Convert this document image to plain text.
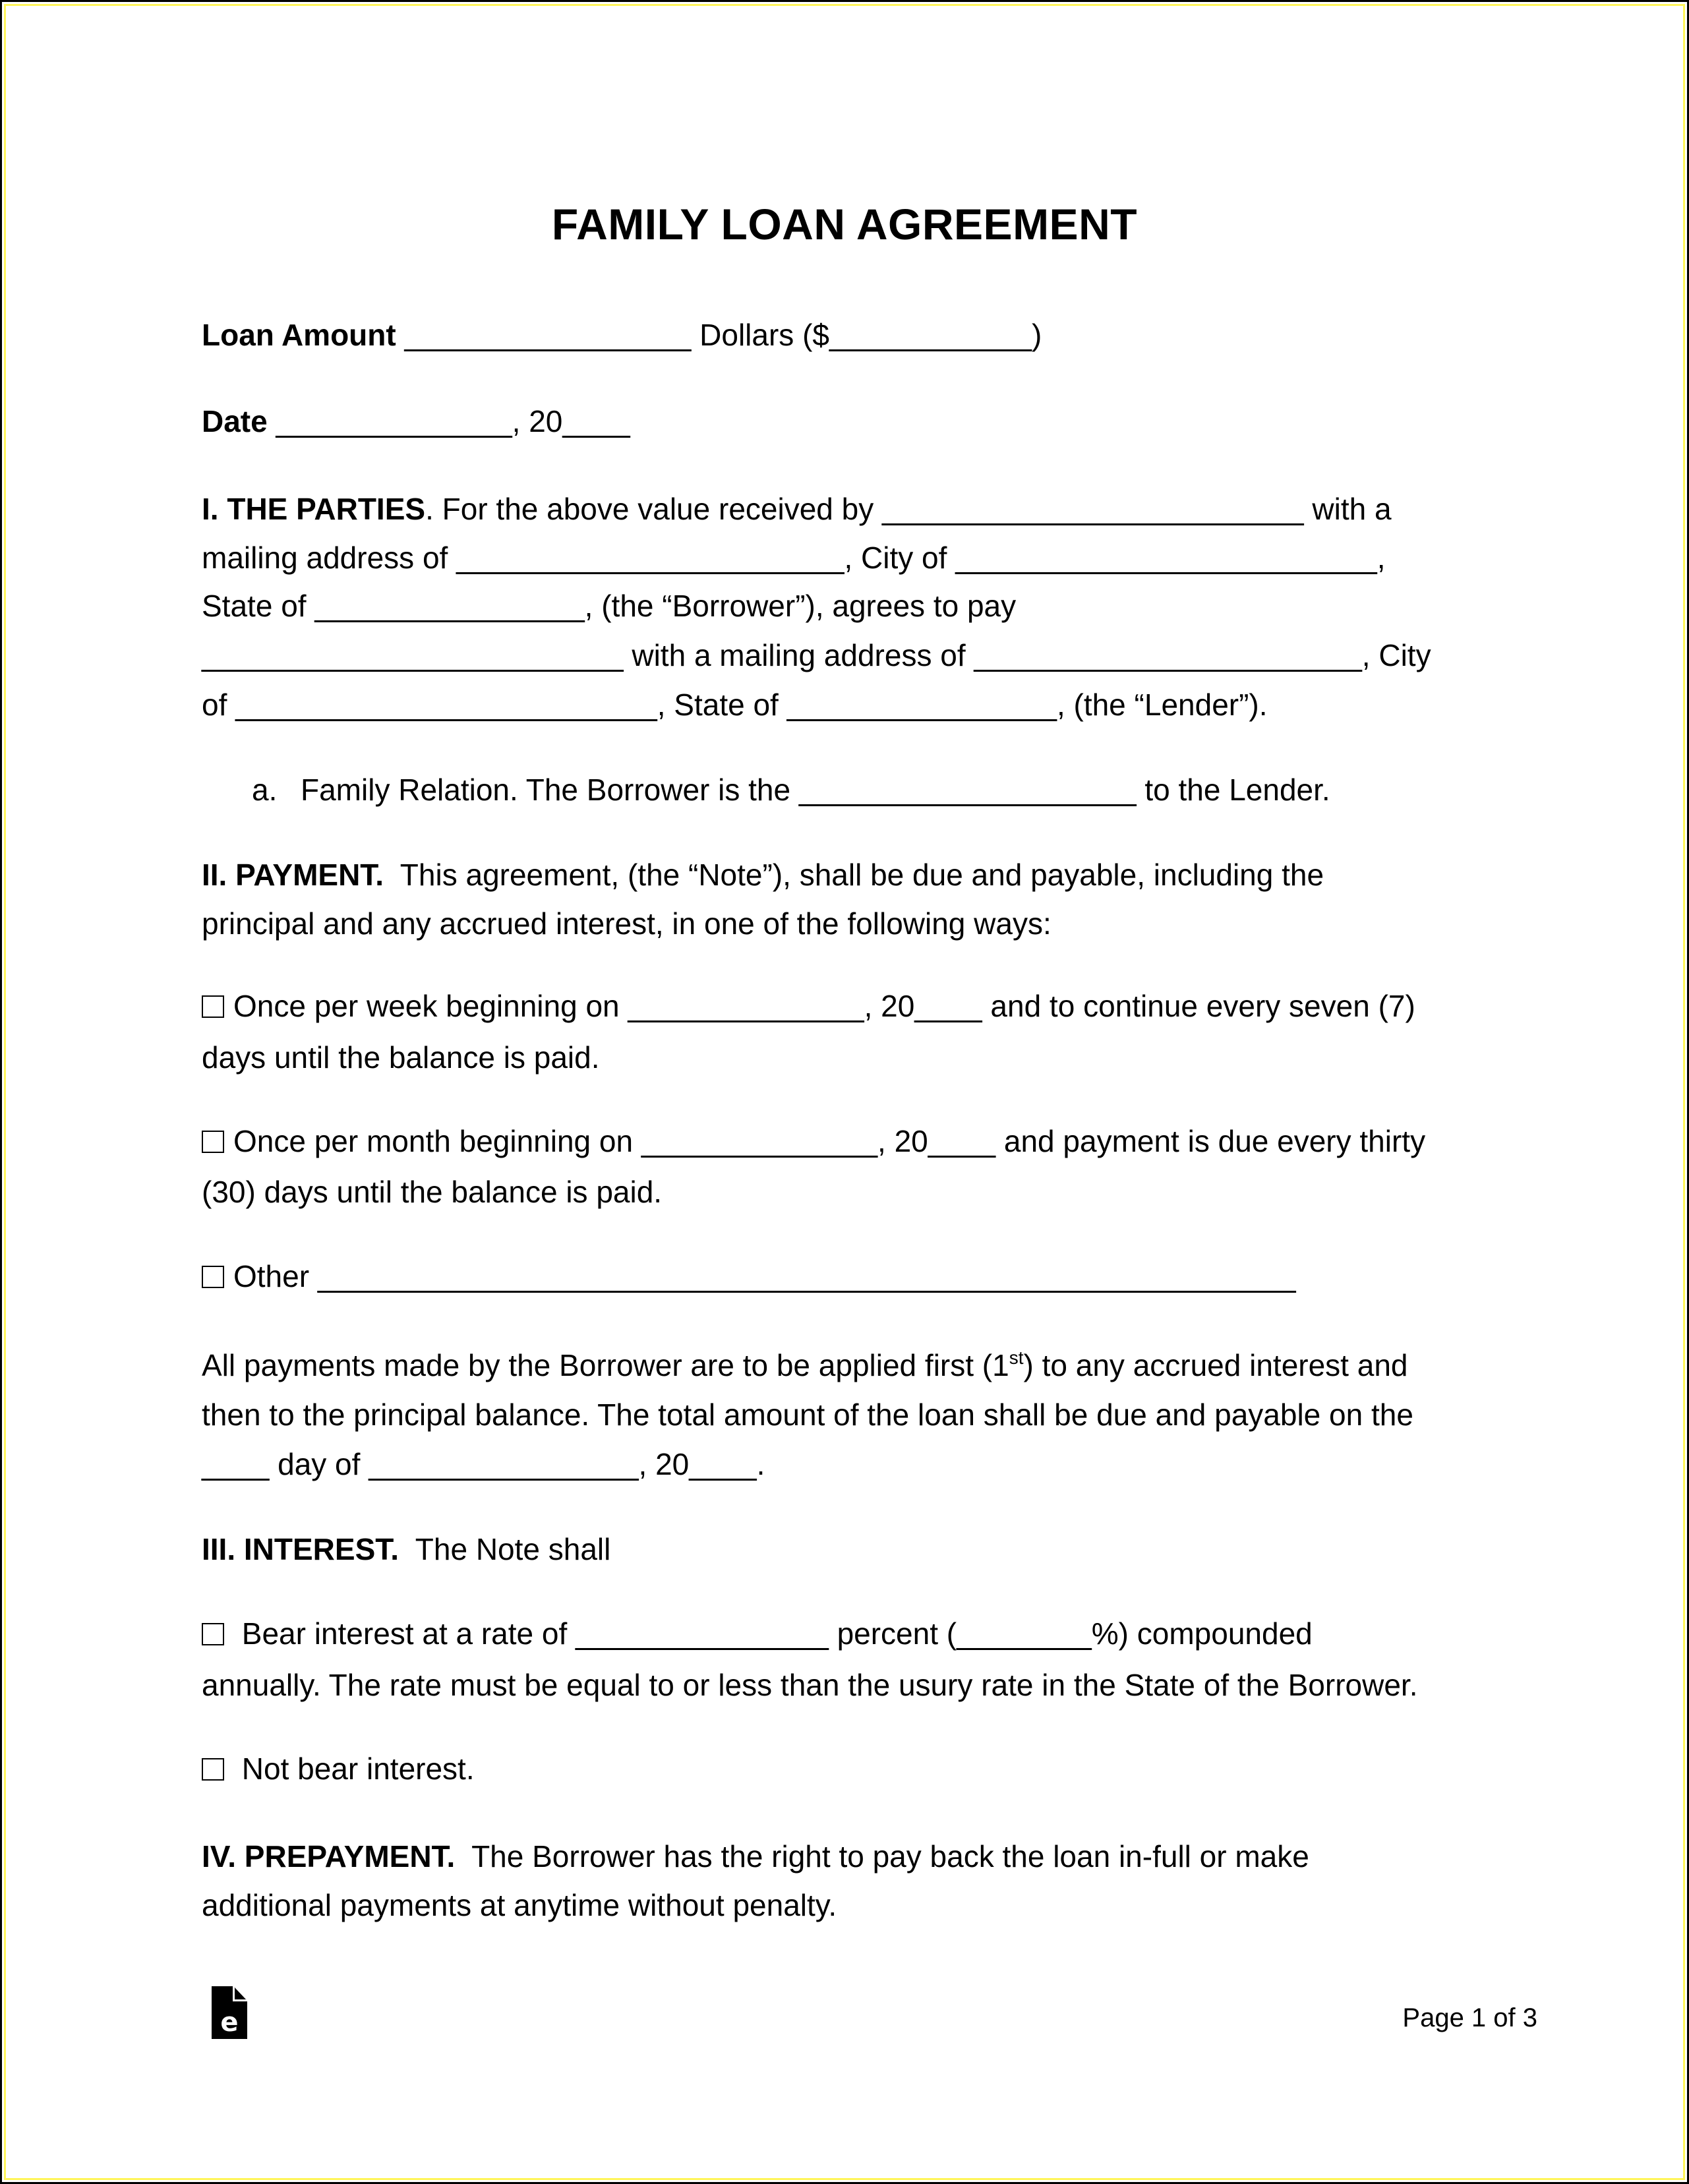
FAMILY LOAN AGREEMENT
Loan Amount _________________ Dollars ($____________)
Date ______________, 20____
I. THE PARTIES. For the above value received by _________________________ with a
mailing address of _______________________, City of _________________________,
State of ________________, (the “Borrower”), agrees to pay
_________________________ with a mailing address of _______________________, City
of _________________________, State of ________________, (the “Lender”).
a. Family Relation. The Borrower is the ____________________ to the Lender.
II. PAYMENT.  This agreement, (the “Note”), shall be due and payable, including the
principal and any accrued interest, in one of the following ways:
Once per week beginning on ______________, 20____ and to continue every seven (7)
days until the balance is paid.
Once per month beginning on ______________, 20____ and payment is due every thirty
(30) days until the balance is paid.
Other __________________________________________________________
All payments made by the Borrower are to be applied first (1st) to any accrued interest and
then to the principal balance. The total amount of the loan shall be due and payable on the
____ day of ________________, 20____.
III. INTEREST.  The Note shall
Bear interest at a rate of _______________ percent (________%) compounded
annually. The rate must be equal to or less than the usury rate in the State of the Borrower.
Not bear interest.
IV. PREPAYMENT.  The Borrower has the right to pay back the loan in-full or make
additional payments at anytime without penalty.
e	Page 1 of 3
